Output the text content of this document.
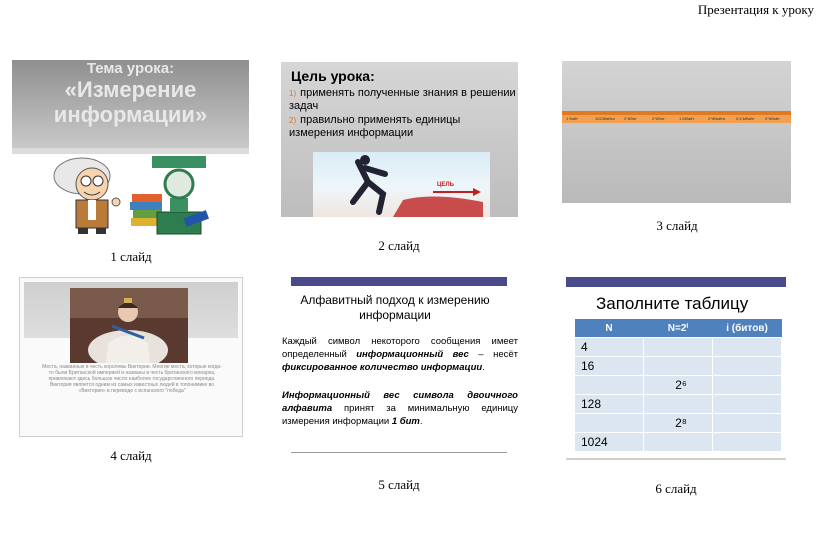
Презентация к уроку
Тема урока:
«Измерение
информации»
1 слайд
Цель урока:
1) применять полученные знания в решении задач
2) правильно применять единицы измерения информации
ЦЕЛЬ
2 слайд
1 байт	1024байта 2^8бит	2^8бит	1 Мбайт	2^8байта	0,5 Мбайт	2^8байт
3 слайд
Места, названные в честь королевы Виктории. Многие места, которые когда-то были Британской империей и названы в честь британского монарха, привлекают здесь большое число наиболее государственного периода. Виктория является одним из самых известных людей в топонимике во «Виктория» в переводе с испанского "победа"
4 слайд
Алфавитный подход к измерению информации
Каждый символ некоторого сообщения имеет определенный информационный вес – несёт фиксированное количество информации.
Информационный вес символа двоичного алфавита принят за минимальную единицу измерения информации 1 бит.
5 слайд
Заполните таблицу
N	N=2ⁱ	i (битов)
4		
16		
	2⁶	
128		
	2⁸	
1024		
6 слайд
